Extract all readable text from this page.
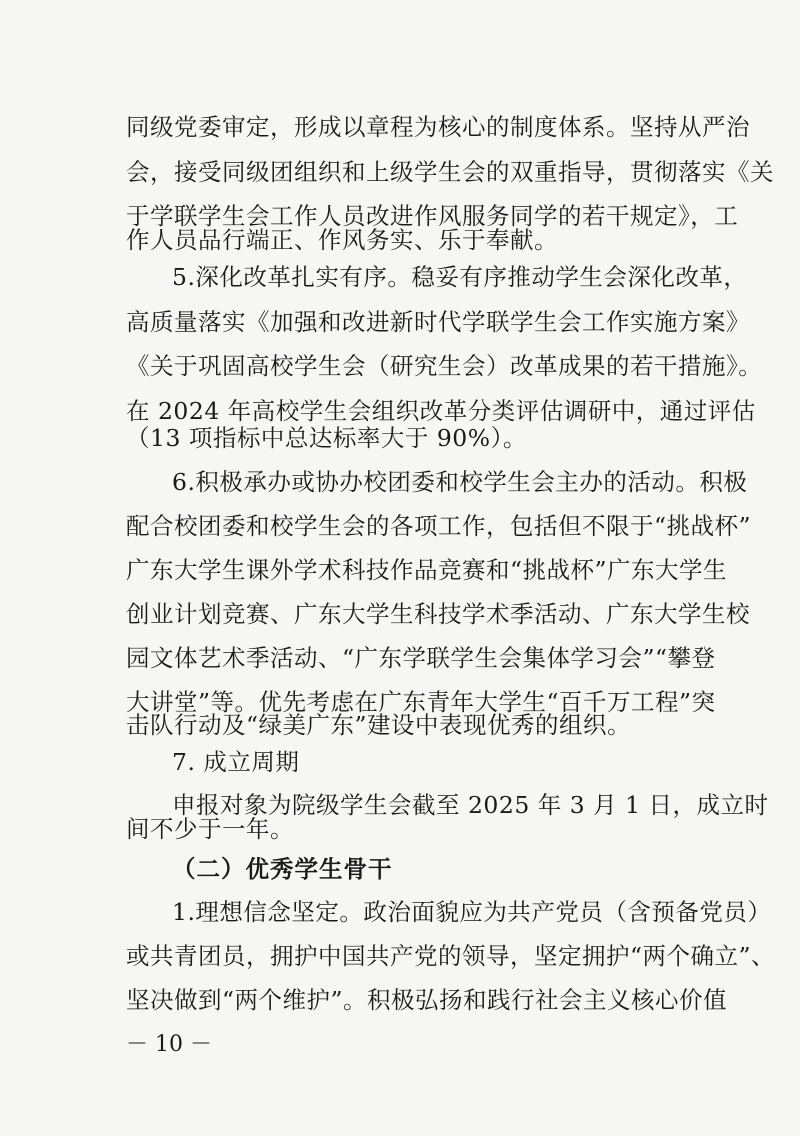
同级党委审定，形成以章程为核心的制度体系。坚持从严治
会，接受同级团组织和上级学生会的双重指导，贯彻落实《关
于学联学生会工作人员改进作风服务同学的若干规定》，工
作人员品行端正、作风务实、乐于奉献。
5.深化改革扎实有序。稳妥有序推动学生会深化改革，
高质量落实《加强和改进新时代学联学生会工作实施方案》
《关于巩固高校学生会（研究生会）改革成果的若干措施》。
在 2024 年高校学生会组织改革分类评估调研中，通过评估
（13 项指标中总达标率大于 90%）。
6.积极承办或协办校团委和校学生会主办的活动。积极
配合校团委和校学生会的各项工作，包括但不限于“挑战杯”
广东大学生课外学术科技作品竞赛和“挑战杯”广东大学生
创业计划竞赛、广东大学生科技学术季活动、广东大学生校
园文体艺术季活动、“广东学联学生会集体学习会”“攀登
大讲堂”等。优先考虑在广东青年大学生“百千万工程”突
击队行动及“绿美广东”建设中表现优秀的组织。
7. 成立周期
申报对象为院级学生会截至 2025 年 3 月 1 日，成立时
间不少于一年。
（二）优秀学生骨干
1.理想信念坚定。政治面貌应为共产党员（含预备党员）
或共青团员，拥护中国共产党的领导，坚定拥护“两个确立”、
坚决做到“两个维护”。积极弘扬和践行社会主义核心价值
－ 10 －
